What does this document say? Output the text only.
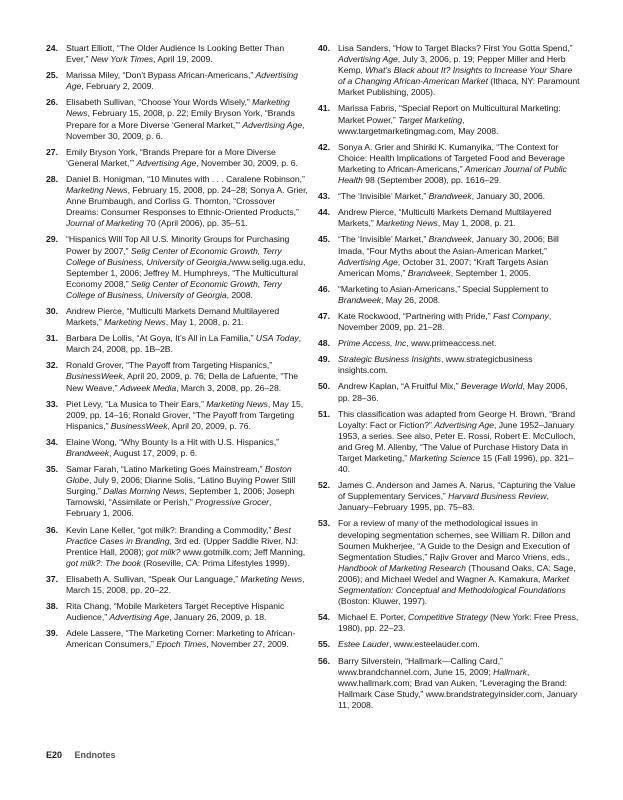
24. Stuart Elliott, “The Older Audience Is Looking Better Than Ever,” New York Times, April 19, 2009.

25. Marissa Miley, “Don’t Bypass African-Americans,” Advertising Age, February 2, 2009.

26. Elisabeth Sullivan, “Choose Your Words Wisely,” Marketing News, February 15, 2008, p. 22; Emily Bryson York, “Brands Prepare for a More Diverse ‘General Market,’” Advertising Age, November 30, 2009, p. 6.

27. Emily Bryson York, “Brands Prepare for a More Diverse ‘General Market,’” Advertising Age, November 30, 2009, p. 6.

28. Daniel B. Honigman, “10 Minutes with . . . Caralene Robinson,” Marketing News, February 15, 2008, pp. 24–28; Sonya A. Grier, Anne Brumbaugh, and Corliss G. Thornton, “Crossover Dreams: Consumer Responses to Ethnic-Oriented Products,” Journal of Marketing 70 (April 2006), pp. 35–51.

29. “Hispanics Will Top All U.S. Minority Groups for Purchasing Power by 2007,” Selig Center of Economic Growth, Terry College of Business, University of Georgia,/www.selig.uga.edu, September 1, 2006; Jeffrey M. Humphreys, “The Multicultural Economy 2008,” Selig Center of Economic Growth, Terry College of Business, University of Georgia, 2008.

30. Andrew Pierce, “Multiculti Markets Demand Multilayered Markets,” Marketing News, May 1, 2008, p. 21.

31. Barbara De Lollis, “At Goya, It’s All in La Familia,” USA Today, March 24, 2008, pp. 1B–2B.

32. Ronald Grover, “The Payoff from Targeting Hispanics,” BusinessWeek, April 20, 2009, p. 76; Della de Lafuente, “The New Weave,” Adweek Media, March 3, 2008, pp. 26–28.

33. Piet Levy, “La Musica to Their Ears,” Marketing News, May 15, 2009, pp. 14–16; Ronald Grover, “The Payoff from Targeting Hispanics,” BusinessWeek, April 20, 2009, p. 76.

34. Elaine Wong, “Why Bounty Is a Hit with U.S. Hispanics,” Brandweek, August 17, 2009, p. 6.

35. Samar Farah, “Latino Marketing Goes Mainstream,” Boston Globe, July 9, 2006; Dianne Solis, “Latino Buying Power Still Surging,” Dallas Morning News, September 1, 2006; Joseph Tarnowski, “Assimilate or Perish,” Progressive Grocer, February 1, 2006.

36. Kevin Lane Keller, “got milk?: Branding a Commodity,” Best Practice Cases in Branding, 3rd ed. (Upper Saddle River, NJ: Prentice Hall, 2008); got milk? www.gotmilk.com; Jeff Manning, got milk?: The book (Roseville, CA: Prima Lifestyles 1999).

37. Elisabeth A. Sullivan, “Speak Our Language,” Marketing News, March 15, 2008, pp. 20–22.

38. Rita Chang, “Mobile Marketers Target Receptive Hispanic Audience,” Advertising Age, January 26, 2009, p. 18.

39. Adele Lassere, “The Marketing Corner: Marketing to African-American Consumers,” Epoch Times, November 27, 2009.

40. Lisa Sanders, “How to Target Blacks? First You Gotta Spend,” Advertising Age, July 3, 2006, p. 19; Pepper Miller and Herb Kemp, What’s Black about It? Insights to Increase Your Share of a Changing African-American Market (Ithaca, NY: Paramount Market Publishing, 2005).

41. Marissa Fabris, “Special Report on Multicultural Marketing: Market Power,” Target Marketing, www.targetmarketingmag.com, May 2008.

42. Sonya A. Grier and Shiriki K. Kumanyika, “The Context for Choice: Health Implications of Targeted Food and Beverage Marketing to African-Americans,” American Journal of Public Health 98 (September 2008), pp. 1616–29.

43. “The ‘Invisible’ Market,” Brandweek, January 30, 2006.

44. Andrew Pierce, “Multiculti Markets Demand Multilayered Markets,” Marketing News, May 1, 2008, p. 21.

45. “The ‘Invisible’ Market,” Brandweek, January 30, 2006; Bill Imada, “Four Myths about the Asian-American Market,” Advertising Age, October 31, 2007; “Kraft Targets Asian American Moms,” Brandweek, September 1, 2005.

46. “Marketing to Asian-Americans,” Special Supplement to Brandweek, May 26, 2008.

47. Kate Rockwood, “Partnering with Pride,” Fast Company, November 2009, pp. 21–28.

48. Prime Access, Inc, www.primeaccess.net.

49. Strategic Business Insights, www.strategicbusiness insights.com.

50. Andrew Kaplan, “A Fruitful Mix,” Beverage World, May 2006, pp. 28–36.

51. This classification was adapted from George H. Brown, “Brand Loyalty: Fact or Fiction?” Advertising Age, June 1952–January 1953, a series. See also, Peter E. Rossi, Robert E. McCulloch, and Greg M. Allenby, “The Value of Purchase History Data in Target Marketing,” Marketing Science 15 (Fall 1996), pp. 321–40.

52. James C. Anderson and James A. Narus, “Capturing the Value of Supplementary Services,” Harvard Business Review, January–February 1995, pp. 75–83.

53. For a review of many of the methodological issues in developing segmentation schemes, see William R. Dillon and Soumen Mukherjee, “A Guide to the Design and Execution of Segmentation Studies,” Rajiv Grover and Marco Vriens, eds., Handbook of Marketing Research (Thousand Oaks, CA: Sage, 2006); and Michael Wedel and Wagner A. Kamakura, Market Segmentation: Conceptual and Methodological Foundations (Boston: Kluwer, 1997).

54. Michael E. Porter, Competitive Strategy (New York: Free Press, 1980), pp. 22–23.

55. Estee Lauder, www.esteelauder.com.

56. Barry Silverstein, “Hallmark—Calling Card,” www.brandchannel.com, June 15, 2009; Hallmark, www.hallmark.com; Brad van Auken, “Leveraging the Brand: Hallmark Case Study,” www.brandstrategyinsider.com, January 11, 2008.

E20 Endnotes
